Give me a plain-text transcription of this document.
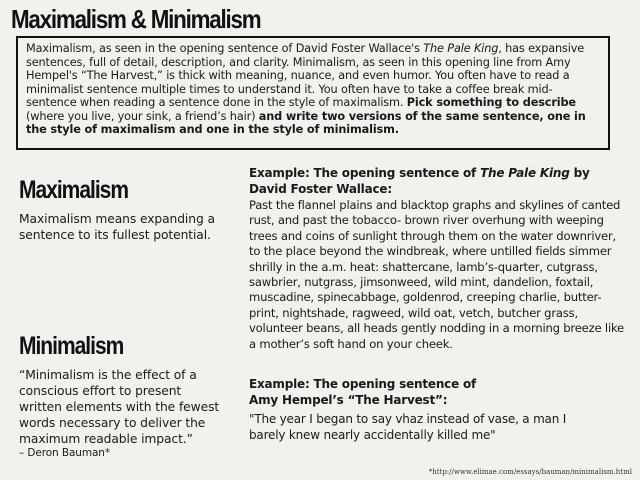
Maximalism & Minimalism
Maximalism, as seen in the opening sentence of David Foster Wallace's The Pale King, has expansive sentences, full of detail, description, and clarity. Minimalism, as seen in this opening line from Amy Hempel's “The Harvest,” is thick with meaning, nuance, and even humor. You often have to read a minimalist sentence multiple times to understand it. You often have to take a coffee break mid-sentence when reading a sentence done in the style of maximalism. Pick something to describe (where you live, your sink, a friend’s hair) and write two versions of the same sentence, one in the style of maximalism and one in the style of minimalism.
Maximalism
Maximalism means expanding a sentence to its fullest potential.
Minimalism
“Minimalism is the effect of a conscious effort to present written elements with the fewest words necessary to deliver the maximum readable impact.”
– Deron Bauman*
Example: The opening sentence of The Pale King by David Foster Wallace:
Past the flannel plains and blacktop graphs and skylines of canted rust, and past the tobacco- brown river overhung with weeping trees and coins of sunlight through them on the water downriver, to the place beyond the windbreak, where untilled fields simmer shrilly in the a.m. heat: shattercane, lamb’s-quarter, cutgrass, sawbrier, nutgrass, jimsonweed, wild mint, dandelion, foxtail, muscadine, spinecabbage, goldenrod, creeping charlie, butter- print, nightshade, ragweed, wild oat, vetch, butcher grass, volunteer beans, all heads gently nodding in a morning breeze like a mother’s soft hand on your cheek.
Example: The opening sentence of Amy Hempel’s “The Harvest”:
"The year I began to say vhaz instead of vase, a man I barely knew nearly accidentally killed me"
*http://www.elimae.com/essays/bauman/minimalism.html
